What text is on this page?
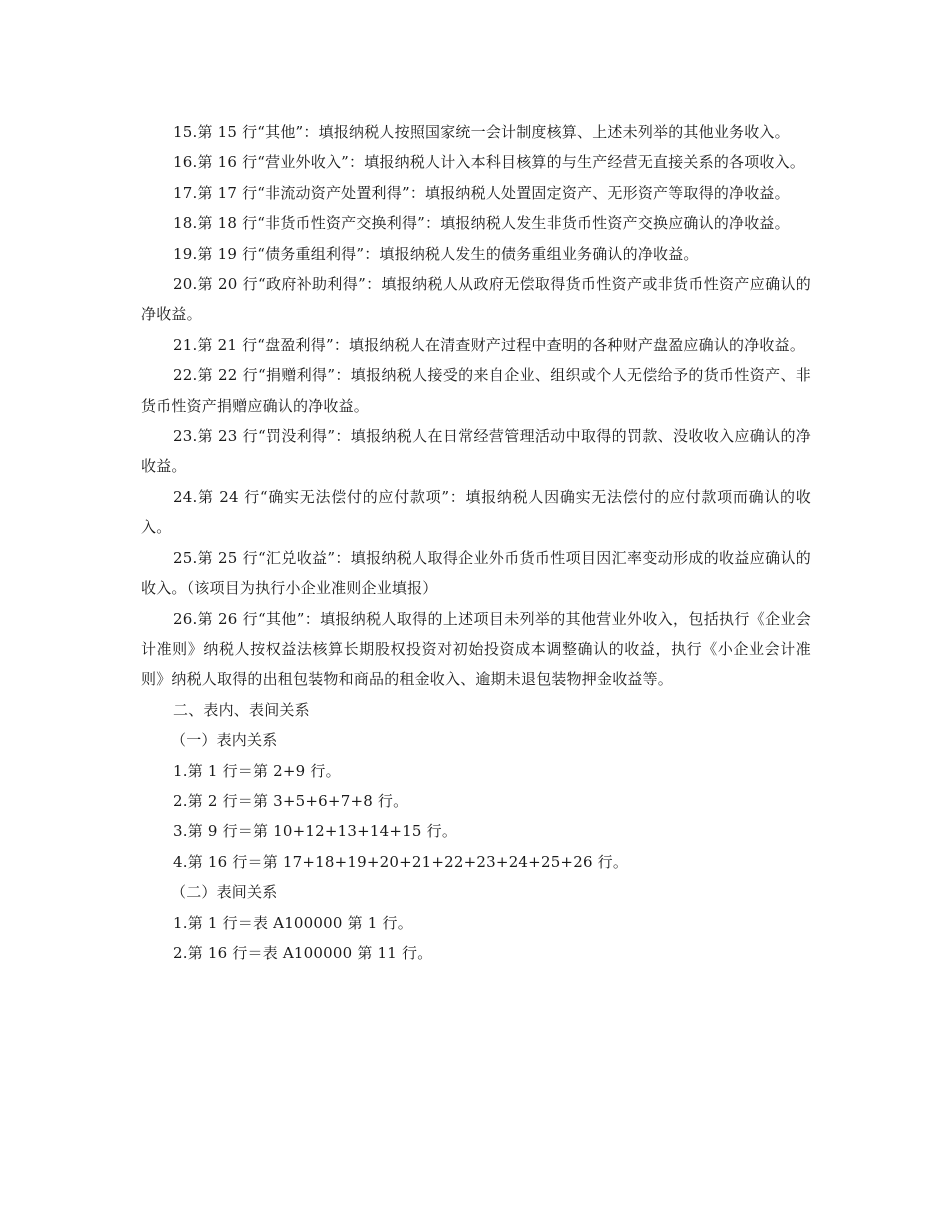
15.第 15 行“其他”：填报纳税人按照国家统一会计制度核算、上述未列举的其他业务收入。

16.第 16 行“营业外收入”：填报纳税人计入本科目核算的与生产经营无直接关系的各项收入。

17.第 17 行“非流动资产处置利得”：填报纳税人处置固定资产、无形资产等取得的净收益。

18.第 18 行“非货币性资产交换利得”：填报纳税人发生非货币性资产交换应确认的净收益。

19.第 19 行“债务重组利得”：填报纳税人发生的债务重组业务确认的净收益。

20.第 20 行“政府补助利得”：填报纳税人从政府无偿取得货币性资产或非货币性资产应确认的净收益。

21.第 21 行“盘盈利得”：填报纳税人在清查财产过程中查明的各种财产盘盈应确认的净收益。

22.第 22 行“捐赠利得”：填报纳税人接受的来自企业、组织或个人无偿给予的货币性资产、非货币性资产捐赠应确认的净收益。

23.第 23 行“罚没利得”：填报纳税人在日常经营管理活动中取得的罚款、没收收入应确认的净收益。

24.第 24 行“确实无法偿付的应付款项”：填报纳税人因确实无法偿付的应付款项而确认的收入。

25.第 25 行“汇兑收益”：填报纳税人取得企业外币货币性项目因汇率变动形成的收益应确认的收入。（该项目为执行小企业准则企业填报）

26.第 26 行“其他”：填报纳税人取得的上述项目未列举的其他营业外收入，包括执行《企业会计准则》纳税人按权益法核算长期股权投资对初始投资成本调整确认的收益，执行《小企业会计准则》纳税人取得的出租包装物和商品的租金收入、逾期未退包装物押金收益等。

二、表内、表间关系

（一）表内关系

1.第 1 行＝第 2+9 行。

2.第 2 行＝第 3+5+6+7+8 行。

3.第 9 行＝第 10+12+13+14+15 行。

4.第 16 行＝第 17+18+19+20+21+22+23+24+25+26 行。

（二）表间关系

1.第 1 行＝表 A100000 第 1 行。

2.第 16 行＝表 A100000 第 11 行。
